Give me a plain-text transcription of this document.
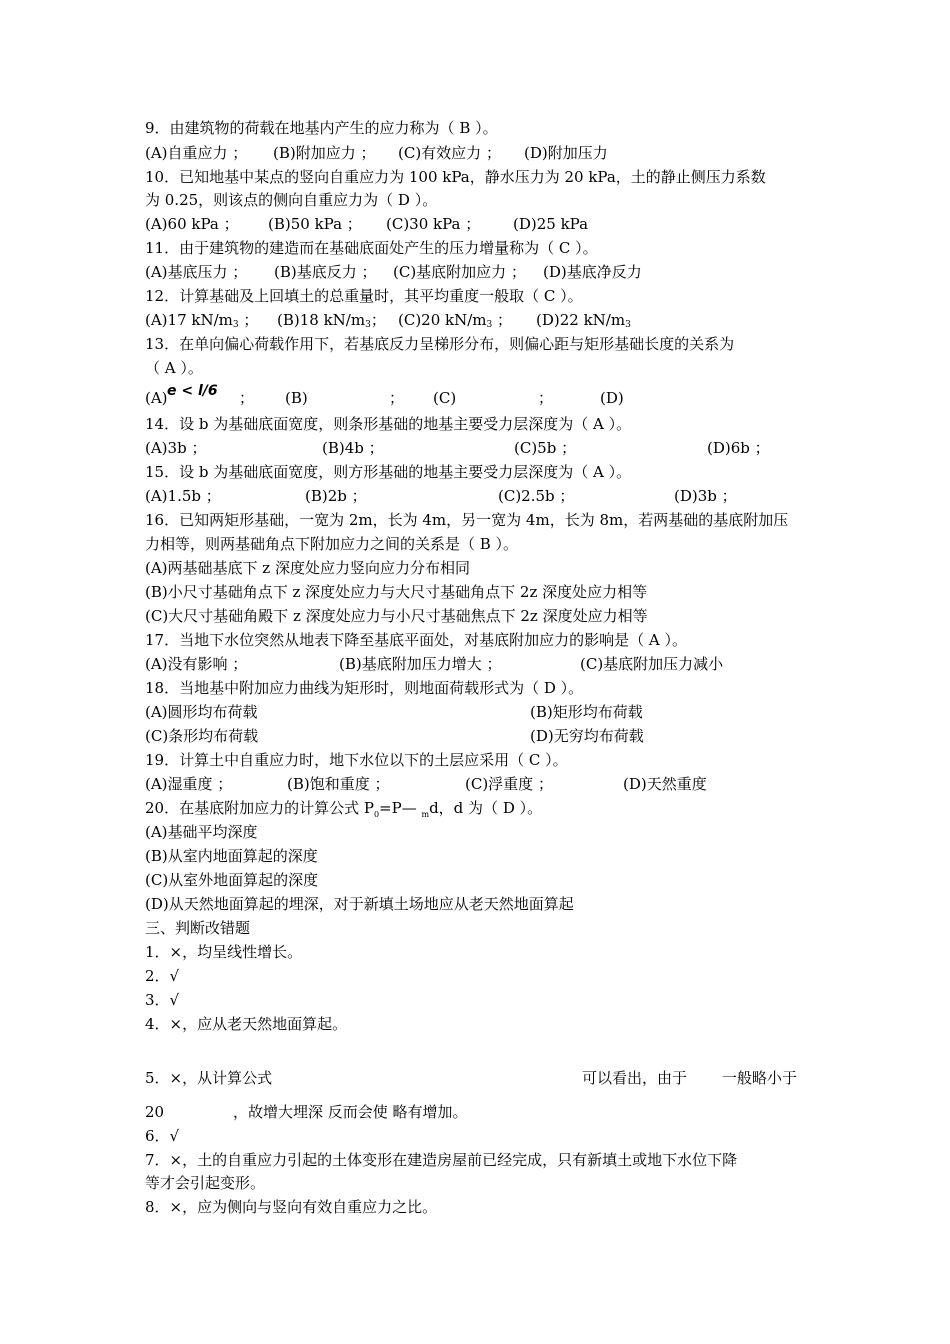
9．由建筑物的荷载在地基内产生的应力称为（ B ）。
(A)自重应力 ； (B)附加应力 ； (C)有效应力 ； (D)附加压力
10．已知地基中某点的竖向自重应力为 100 kPa，静水压力为 20 kPa，土的静止侧压力系数
为 0.25，则该点的侧向自重应力为（ D ）。
(A)60 kPa ； (B)50 kPa ； (C)30 kPa ； (D)25 kPa
11．由于建筑物的建造而在基础底面处产生的压力增量称为（ C ）。
(A)基底压力 ； (B)基底反力 ； (C)基底附加应力 ； (D)基底净反力
12．计算基础及上回填土的总重量时，其平均重度一般取（ C ）。
(A)17 $kN/m^3$ ； (B)18 $kN/m^3$； (C)20 $kN/m^3$ ； (D)22 $kN/m^3$
13．在单向偏心荷载作用下，若基底反力呈梯形分布，则偏心距与矩形基础长度的关系为
（ A ）。
(A) e < l/6 ； (B)	； (C)	；	(D)
14．设 b 为基础底面宽度，则条形基础的地基主要受力层深度为（ A ）。
(A)3b ；	(B)4b ；	(C)5b ；	(D)6b ；
15．设 b 为基础底面宽度，则方形基础的地基主要受力层深度为（ A ）。
(A)1.5b ；	(B)2b ；	(C)2.5b ；	(D)3b ；
16．已知两矩形基础，一宽为 2m，长为 4m，另一宽为 4m，长为 8m，若两基础的基底附加压
力相等，则两基础角点下附加应力之间的关系是（ B ）。
(A)两基础基底下 z 深度处应力竖向应力分布相同
(B)小尺寸基础角点下 z 深度处应力与大尺寸基础角点下 2z 深度处应力相等
(C)大尺寸基础角殿下 z 深度处应力与小尺寸基础焦点下 2z 深度处应力相等
17．当地下水位突然从地表下降至基底平面处，对基底附加应力的影响是（ A ）。
(A)没有影响 ；	(B)基底附加压力增大 ；	(C)基底附加压力减小
18．当地基中附加应力曲线为矩形时，则地面荷载形式为（ D ）。
(A)圆形均布荷载	(B)矩形均布荷载
(C)条形均布荷载	(D)无穷均布荷载
19．计算土中自重应力时，地下水位以下的土层应采用（ C ）。
(A)湿重度 ；	(B)饱和重度 ；	(C)浮重度 ；	(D)天然重度
20．在基底附加应力的计算公式 $P_0=P—$ $_m$d，d 为（ D ）。
(A)基础平均深度
(B)从室内地面算起的深度
(C)从室外地面算起的深度
(D)从天然地面算起的埋深，对于新填土场地应从老天然地面算起
三、判断改错题
1．×，均呈线性增长。
2．√
3．√
4．×，应从老天然地面算起。
5．×，从计算公式	可以看出，由于 一般略小于
20	，故增大埋深 反而会使 略有增加。
6．√
7．×，土的自重应力引起的土体变形在建造房屋前已经完成，只有新填土或地下水位下降
等才会引起变形。
8．×，应为侧向与竖向有效自重应力之比。
